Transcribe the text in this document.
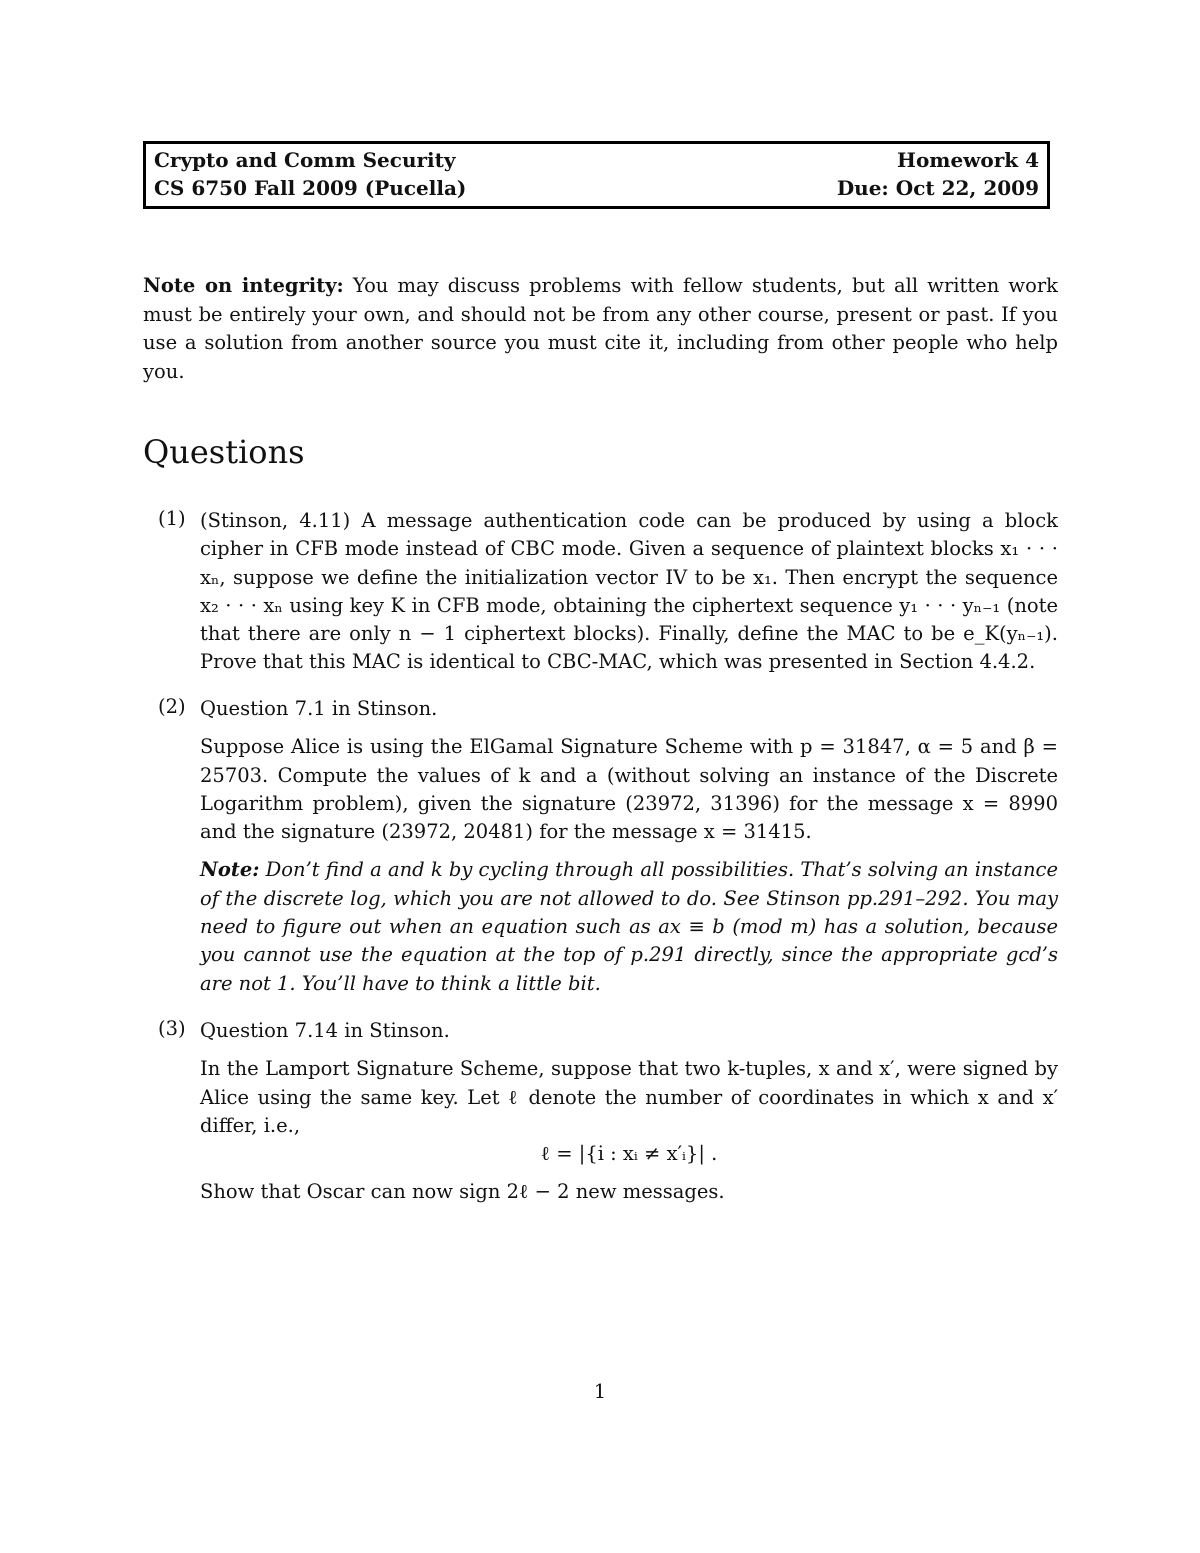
Crypto and Comm Security	Homework 4
CS 6750 Fall 2009 (Pucella)	Due: Oct 22, 2009
Note on integrity: You may discuss problems with fellow students, but all written work must be entirely your own, and should not be from any other course, present or past. If you use a solution from another source you must cite it, including from other people who help you.
Questions
(1) (Stinson, 4.11) A message authentication code can be produced by using a block cipher in CFB mode instead of CBC mode. Given a sequence of plaintext blocks x₁ · · · xₙ, suppose we define the initialization vector IV to be x₁. Then encrypt the sequence x₂ · · · xₙ using key K in CFB mode, obtaining the ciphertext sequence y₁ · · · yₙ₋₁ (note that there are only n − 1 ciphertext blocks). Finally, define the MAC to be e_K(yₙ₋₁). Prove that this MAC is identical to CBC-MAC, which was presented in Section 4.4.2.

(2) Question 7.1 in Stinson.

Suppose Alice is using the ElGamal Signature Scheme with p = 31847, α = 5 and β = 25703. Compute the values of k and a (without solving an instance of the Discrete Logarithm problem), given the signature (23972, 31396) for the message x = 8990 and the signature (23972, 20481) for the message x = 31415.

Note: Don’t find a and k by cycling through all possibilities. That’s solving an instance of the discrete log, which you are not allowed to do. See Stinson pp.291–292. You may need to figure out when an equation such as ax ≡ b (mod m) has a solution, because you cannot use the equation at the top of p.291 directly, since the appropriate gcd’s are not 1. You’ll have to think a little bit.

(3) Question 7.14 in Stinson.

In the Lamport Signature Scheme, suppose that two k-tuples, x and x′, were signed by Alice using the same key. Let ℓ denote the number of coordinates in which x and x′ differ, i.e.,

ℓ = |{i : xᵢ ≠ x′ᵢ}| .

Show that Oscar can now sign 2ℓ − 2 new messages.

1
